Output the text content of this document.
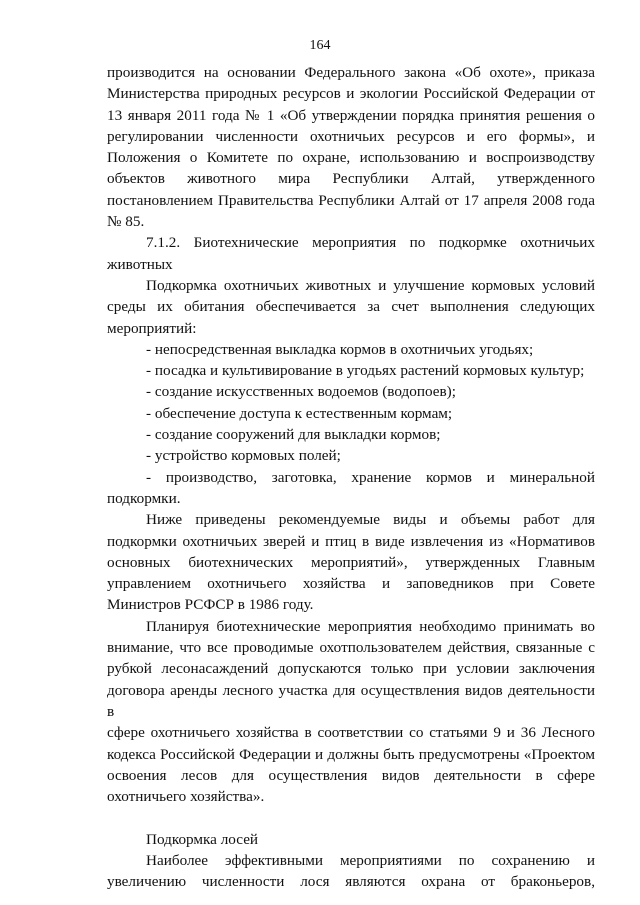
164

производится на основании Федерального закона «Об охоте», приказа

Министерства природных ресурсов и экологии Российской Федерации от

13 января 2011 года № 1 «Об утверждении порядка принятия решения о

регулировании численности охотничьих ресурсов и его формы», и

Положения о Комитете по охране, использованию и воспроизводству

объектов животного мира Республики Алтай, утвержденного

постановлением Правительства Республики Алтай от 17 апреля 2008 года

№ 85.

7.1.2. Биотехнические мероприятия по подкормке охотничьих

животных

Подкормка охотничьих животных и улучшение кормовых условий

среды их обитания обеспечивается за счет выполнения следующих

мероприятий:

- непосредственная выкладка кормов в охотничьих угодьях;

- посадка и культивирование в угодьях растений кормовых культур;

- создание искусственных водоемов (водопоев);

- обеспечение доступа к естественным кормам;

- создание сооружений для выкладки кормов;

- устройство кормовых полей;

- производство, заготовка, хранение кормов и минеральной

подкормки.

Ниже приведены рекомендуемые виды и объемы работ для

подкормки охотничьих зверей и птиц в виде извлечения из «Нормативов

основных биотехнических мероприятий», утвержденных Главным

управлением охотничьего хозяйства и заповедников при Совете

Министров РСФСР в 1986 году.

Планируя биотехнические мероприятия необходимо принимать во

внимание, что все проводимые охотпользователем действия, связанные с

рубкой лесонасаждений допускаются только при условии заключения

договора аренды лесного участка для осуществления видов деятельности в

сфере охотничьего хозяйства в соответствии со статьями 9 и 36 Лесного

кодекса Российской Федерации и должны быть предусмотрены «Проектом

освоения лесов для осуществления видов деятельности в сфере

охотничьего хозяйства».

Подкормка лосей

Наиболее эффективными мероприятиями по сохранению и

увеличению численности лося являются охрана от браконьеров,
